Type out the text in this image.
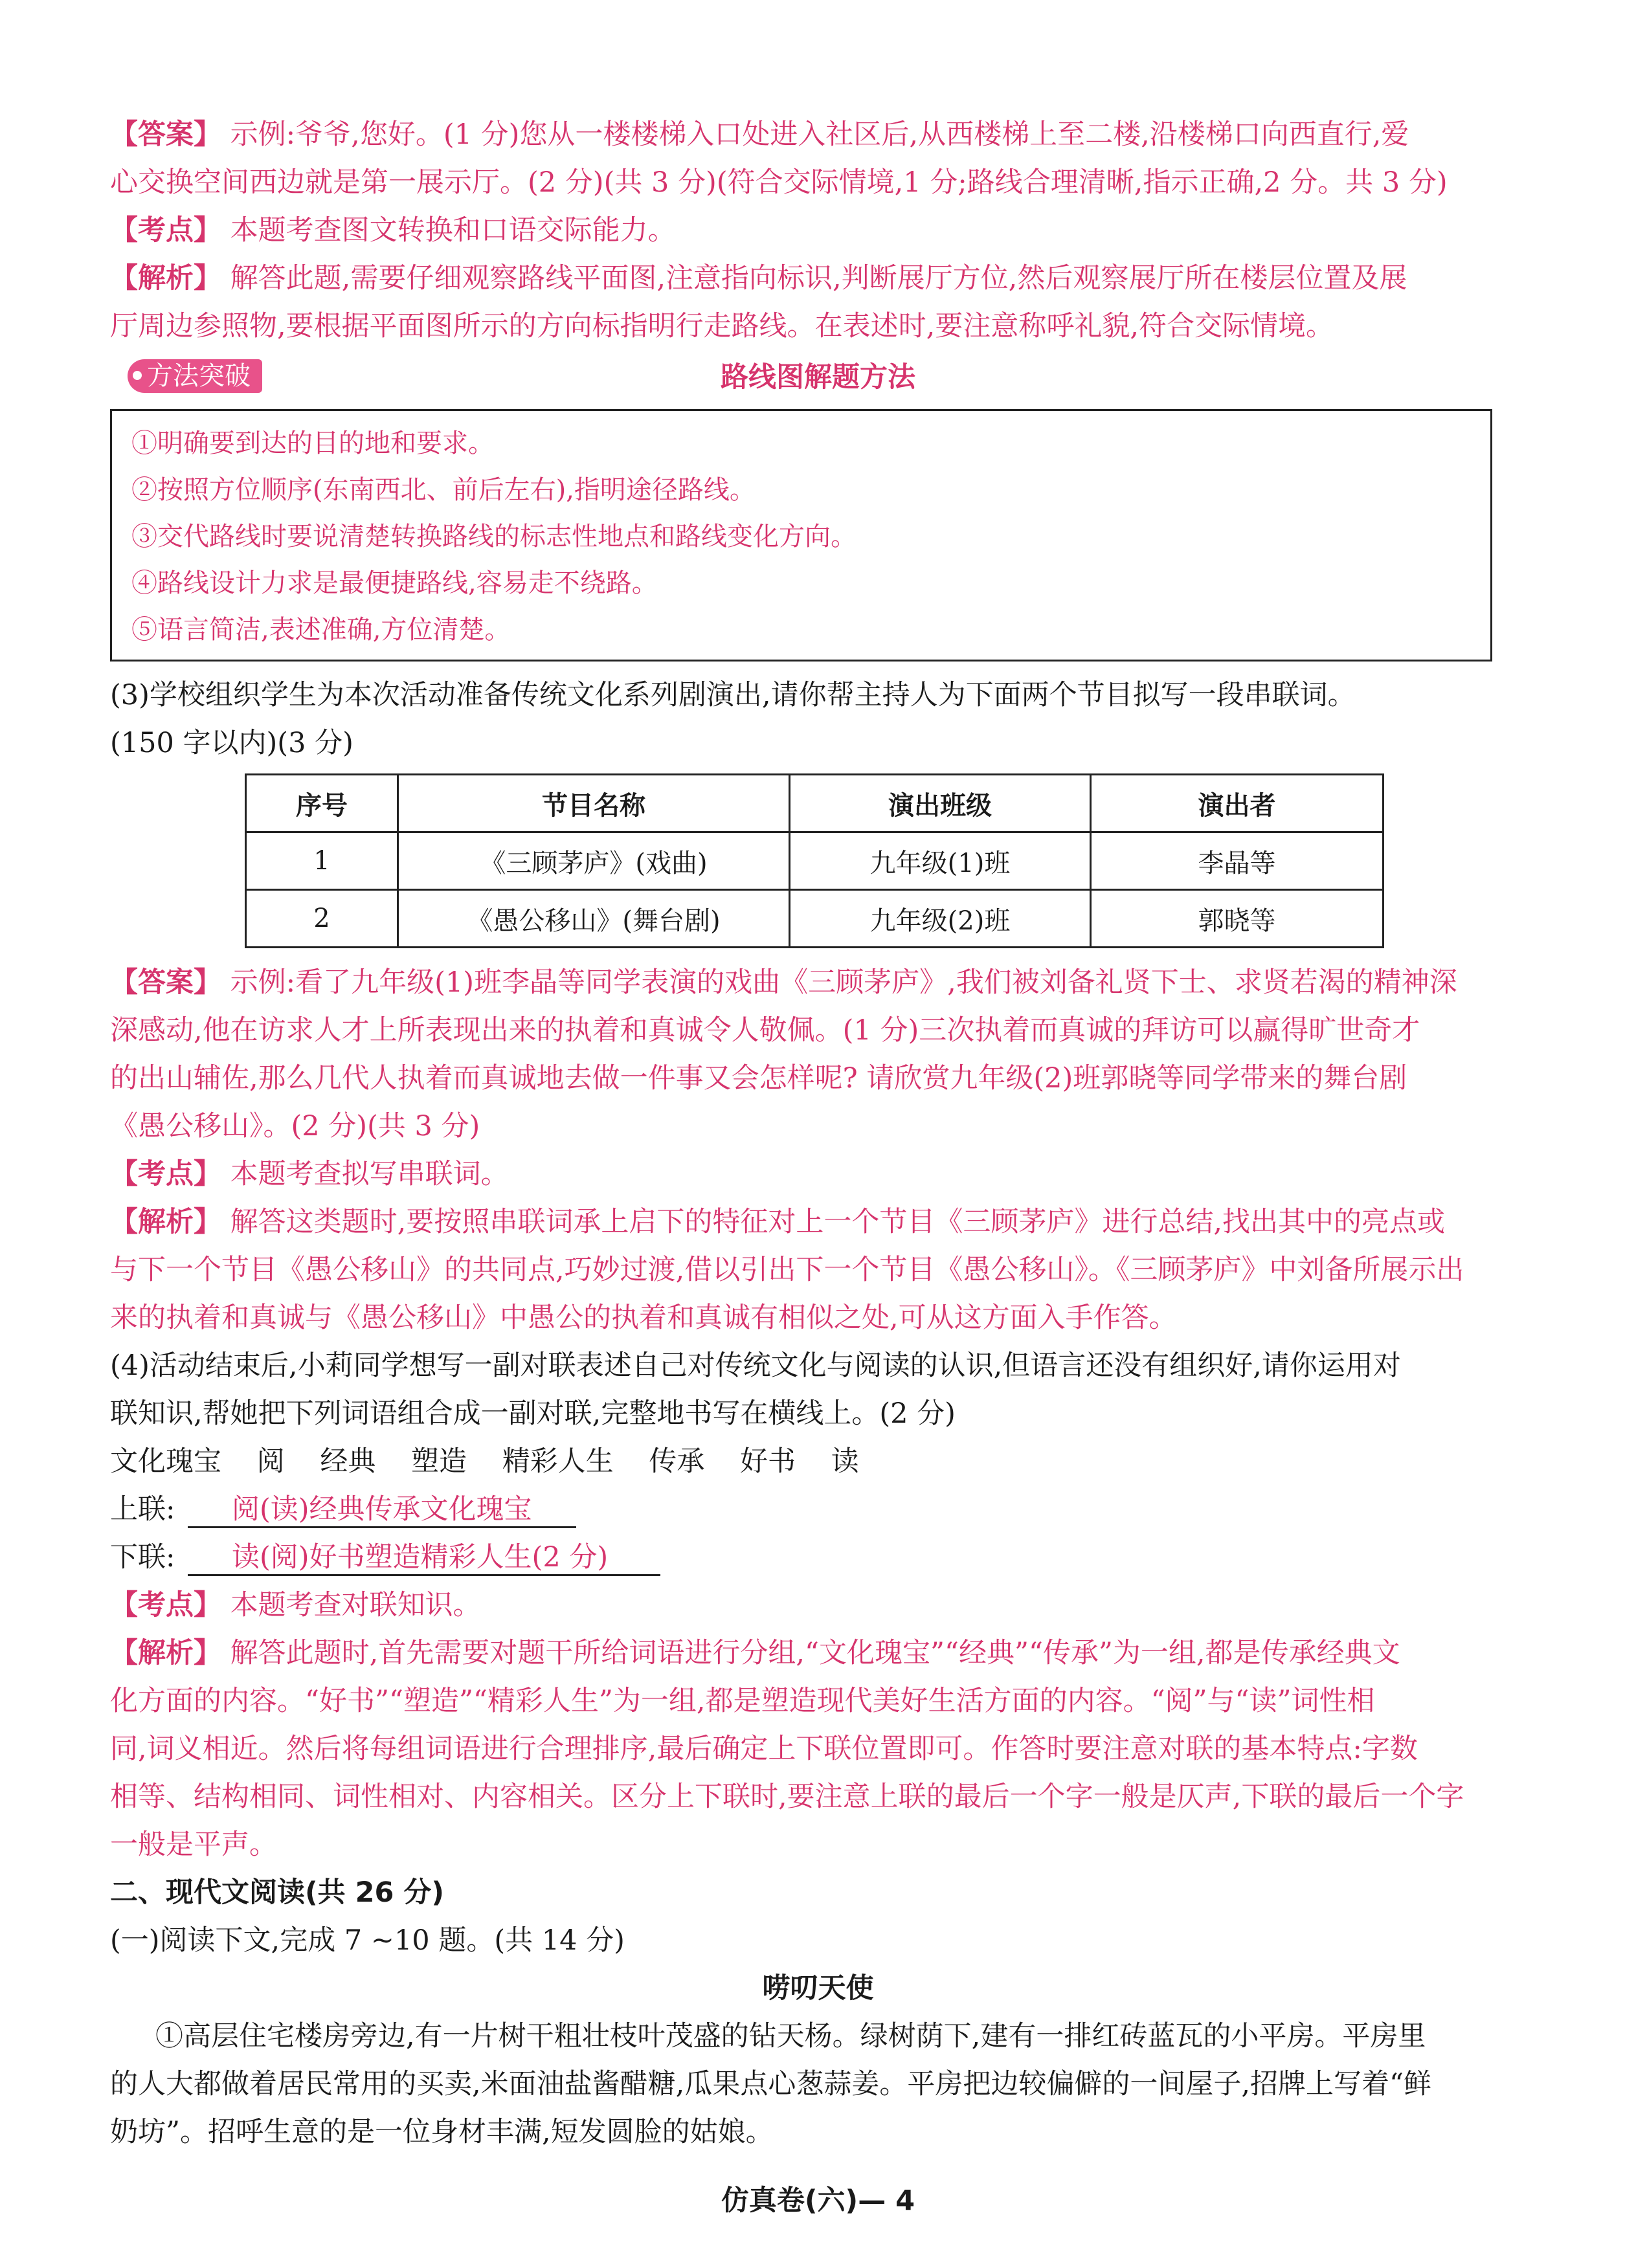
【答案】 示例:爷爷,您好。(1 分)您从一楼楼梯入口处进入社区后,从西楼梯上至二楼,沿楼梯口向西直行,爱
心交换空间西边就是第一展示厅。(2 分)(共 3 分)(符合交际情境,1 分;路线合理清晰,指示正确,2 分。共 3 分)
【考点】 本题考查图文转换和口语交际能力。
【解析】 解答此题,需要仔细观察路线平面图,注意指向标识,判断展厅方位,然后观察展厅所在楼层位置及展
厅周边参照物,要根据平面图所示的方向标指明行走路线。在表述时,要注意称呼礼貌,符合交际情境。
方法突破	路线图解题方法
①明确要到达的目的地和要求。
②按照方位顺序(东南西北、前后左右),指明途径路线。
③交代路线时要说清楚转换路线的标志性地点和路线变化方向。
④路线设计力求是最便捷路线,容易走不绕路。
⑤语言简洁,表述准确,方位清楚。
(3)学校组织学生为本次活动准备传统文化系列剧演出,请你帮主持人为下面两个节目拟写一段串联词。
(150 字以内)(3 分)
序号	节目名称	演出班级	演出者
1	《三顾茅庐》(戏曲)	九年级(1)班	李晶等
2	《愚公移山》(舞台剧)	九年级(2)班	郭晓等
【答案】 示例:看了九年级(1)班李晶等同学表演的戏曲《三顾茅庐》,我们被刘备礼贤下士、求贤若渴的精神深
深感动,他在访求人才上所表现出来的执着和真诚令人敬佩。(1 分)三次执着而真诚的拜访可以赢得旷世奇才
的出山辅佐,那么几代人执着而真诚地去做一件事又会怎样呢? 请欣赏九年级(2)班郭晓等同学带来的舞台剧
《愚公移山》。(2 分)(共 3 分)
【考点】 本题考查拟写串联词。
【解析】 解答这类题时,要按照串联词承上启下的特征对上一个节目《三顾茅庐》进行总结,找出其中的亮点或
与下一个节目《愚公移山》的共同点,巧妙过渡,借以引出下一个节目《愚公移山》。《三顾茅庐》中刘备所展示出
来的执着和真诚与《愚公移山》中愚公的执着和真诚有相似之处,可从这方面入手作答。
(4)活动结束后,小莉同学想写一副对联表述自己对传统文化与阅读的认识,但语言还没有组织好,请你运用对
联知识,帮她把下列词语组合成一副对联,完整地书写在横线上。(2 分)
文化瑰宝    阅    经典    塑造    精彩人生    传承    好书    读
上联: 阅(读)经典传承文化瑰宝
下联: 读(阅)好书塑造精彩人生(2 分)
【考点】 本题考查对联知识。
【解析】 解答此题时,首先需要对题干所给词语进行分组,“文化瑰宝”“经典”“传承”为一组,都是传承经典文
化方面的内容。“好书”“塑造”“精彩人生”为一组,都是塑造现代美好生活方面的内容。“阅”与“读”词性相
同,词义相近。然后将每组词语进行合理排序,最后确定上下联位置即可。作答时要注意对联的基本特点:字数
相等、结构相同、词性相对、内容相关。区分上下联时,要注意上联的最后一个字一般是仄声,下联的最后一个字
一般是平声。
二、现代文阅读(共 26 分)
(一)阅读下文,完成 7 ~10 题。(共 14 分)
唠叨天使
①高层住宅楼房旁边,有一片树干粗壮枝叶茂盛的钻天杨。绿树荫下,建有一排红砖蓝瓦的小平房。平房里
的人大都做着居民常用的买卖,米面油盐酱醋糖,瓜果点心葱蒜姜。平房把边较偏僻的一间屋子,招牌上写着“鲜
奶坊”。招呼生意的是一位身材丰满,短发圆脸的姑娘。
仿真卷(六)— 4
